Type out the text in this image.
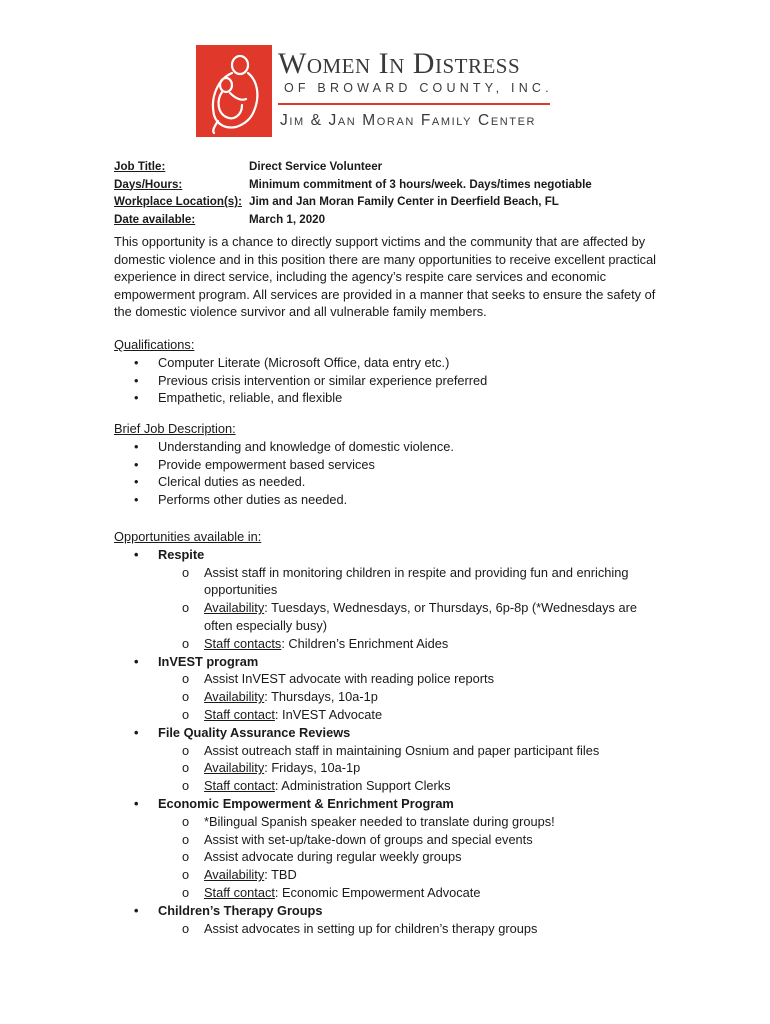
Women In Distress
OF BROWARD COUNTY, INC.
Jim & Jan Moran Family Center
Job Title:	Direct Service Volunteer
Days/Hours:	Minimum commitment of 3 hours/week. Days/times negotiable
Workplace Location(s): Jim and Jan Moran Family Center in Deerfield Beach, FL
Date available:	March 1, 2020
This opportunity is a chance to directly support victims and the community that are affected by domestic violence and in this position there are many opportunities to receive excellent practical experience in direct service, including the agency’s respite care services and economic empowerment program. All services are provided in a manner that seeks to ensure the safety of the domestic violence survivor and all vulnerable family members.
Qualifications:
• Computer Literate (Microsoft Office, data entry etc.)
• Previous crisis intervention or similar experience preferred
• Empathetic, reliable, and flexible
Brief Job Description:
• Understanding and knowledge of domestic violence.
• Provide empowerment based services
• Clerical duties as needed.
• Performs other duties as needed.
Opportunities available in:
• Respite
o Assist staff in monitoring children in respite and providing fun and enriching opportunities
o Availability: Tuesdays, Wednesdays, or Thursdays, 6p-8p (*Wednesdays are often especially busy)
o Staff contacts: Children’s Enrichment Aides
• InVEST program
o Assist InVEST advocate with reading police reports
o Availability: Thursdays, 10a-1p
o Staff contact: InVEST Advocate
• File Quality Assurance Reviews
o Assist outreach staff in maintaining Osnium and paper participant files
o Availability: Fridays, 10a-1p
o Staff contact: Administration Support Clerks
• Economic Empowerment & Enrichment Program
o *Bilingual Spanish speaker needed to translate during groups!
o Assist with set-up/take-down of groups and special events
o Assist advocate during regular weekly groups
o Availability: TBD
o Staff contact: Economic Empowerment Advocate
• Children’s Therapy Groups
o Assist advocates in setting up for children’s therapy groups
